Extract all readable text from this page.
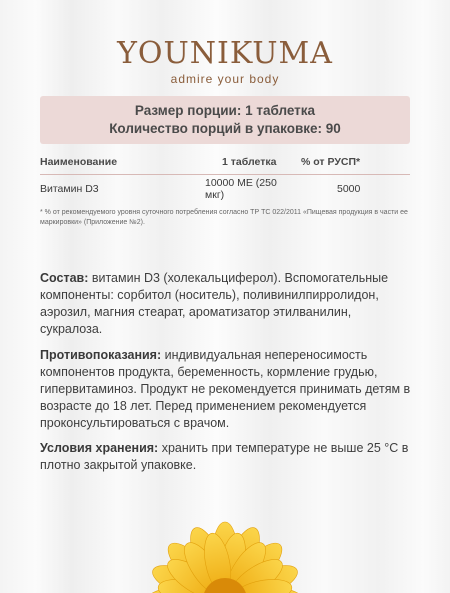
YOUNIKUMA
admire your body
Размер порции: 1 таблетка
Количество порций в упаковке: 90
Наименование	1 таблетка	% от РУСП*
Витамин D3	10000 МЕ (250 мкг)	5000
* % от рекомендуемого уровня суточного потребления согласно ТР ТС 022/2011 «Пищевая продукция в части ее маркировки» (Приложение №2).
Состав: витамин D3 (холекальциферол). Вспомогательные компоненты: сорбитол (носитель), поливинилпирролидон, аэрозил, магния стеарат, ароматизатор этилванилин, сукралоза.
Противопоказания: индивидуальная непереносимость компонентов продукта, беременность, кормление грудью, гипервитаминоз. Продукт не рекомендуется принимать детям в возрасте до 18 лет. Перед применением рекомендуется проконсультироваться с врачом.
Условия хранения: хранить при температуре не выше 25 °С в плотно закрытой упаковке.
